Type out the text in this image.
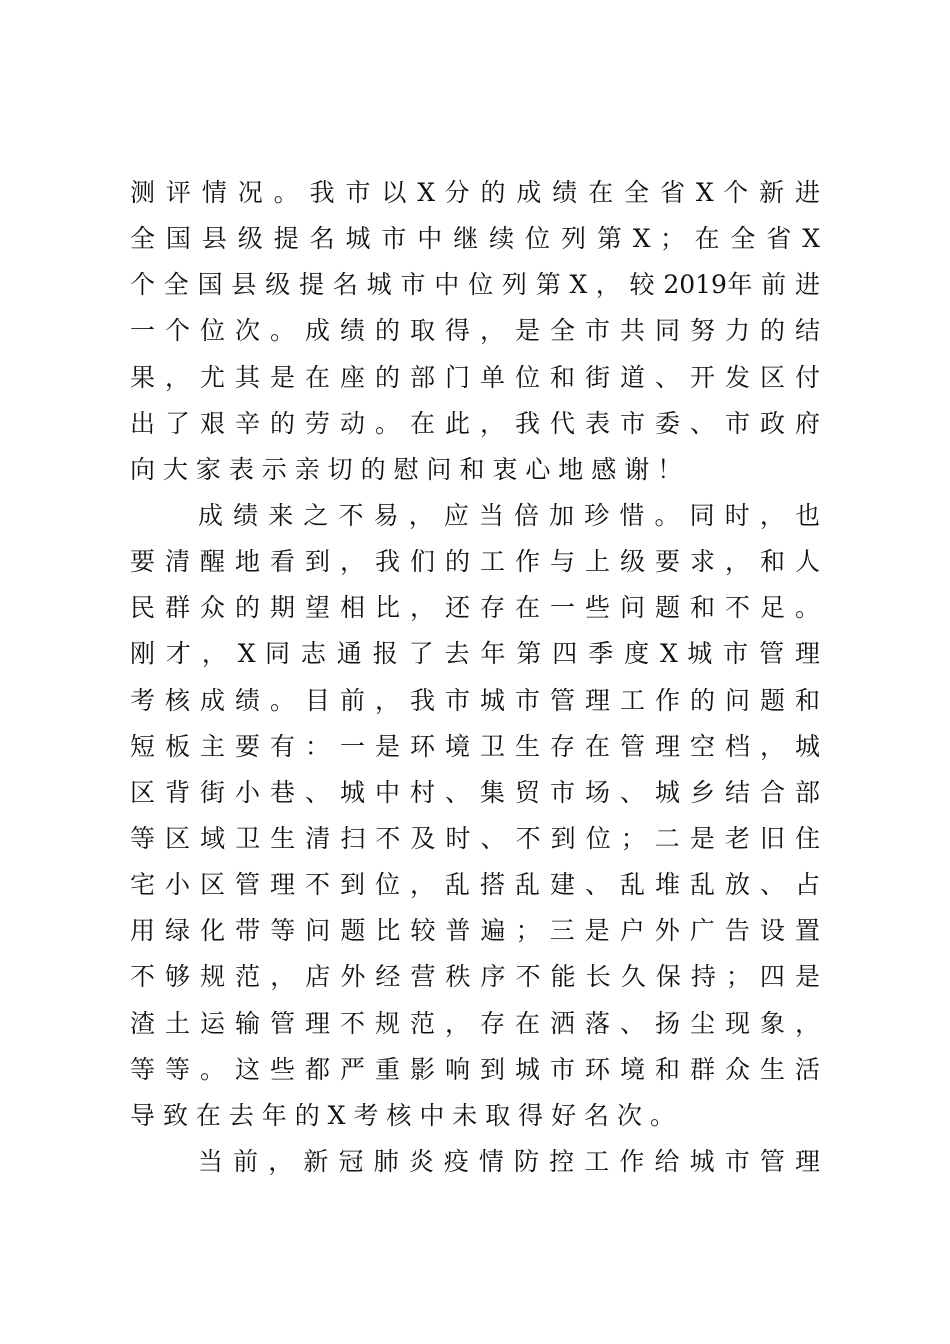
测 评 情 况 。 我 市 以 X 分 的 成 绩 在 全 省 X 个 新 进
全 国 县 级 提 名 城 市 中 继 续 位 列 第 X ； 在 全 省 X
个 全 国 县 级 提 名 城 市 中 位 列 第 X ， 较 2019年 前 进
一 个 位 次 。 成 绩 的 取 得 ， 是 全 市 共 同 努 力 的 结
果 ， 尤 其 是 在 座 的 部 门 单 位 和 街 道 、 开 发 区 付
出 了 艰 辛 的 劳 动 。 在 此 ， 我 代 表 市 委 、 市 政 府
向 大 家 表 示 亲 切 的 慰 问 和 衷 心 地 感 谢 ！
成 绩 来 之 不 易 ， 应 当 倍 加 珍 惜 。 同 时 ， 也
要 清 醒 地 看 到 ， 我 们 的 工 作 与 上 级 要 求 ， 和 人
民 群 众 的 期 望 相 比 ， 还 存 在 一 些 问 题 和 不 足 。
刚 才 ， X 同 志 通 报 了 去 年 第 四 季 度 X 城 市 管 理
考 核 成 绩 。 目 前 ， 我 市 城 市 管 理 工 作 的 问 题 和
短 板 主 要 有 ： 一 是 环 境 卫 生 存 在 管 理 空 档 ， 城
区 背 街 小 巷 、 城 中 村 、 集 贸 市 场 、 城 乡 结 合 部
等 区 域 卫 生 清 扫 不 及 时 、 不 到 位 ； 二 是 老 旧 住
宅 小 区 管 理 不 到 位 ， 乱 搭 乱 建 、 乱 堆 乱 放 、 占
用 绿 化 带 等 问 题 比 较 普 遍 ； 三 是 户 外 广 告 设 置
不 够 规 范 ， 店 外 经 营 秩 序 不 能 长 久 保 持 ； 四 是
渣 土 运 输 管 理 不 规 范 ， 存 在 洒 落 、 扬 尘 现 象 ，
等 等 。 这 些 都 严 重 影 响 到 城 市 环 境 和 群 众 生 活
导 致 在 去 年 的 X 考 核 中 未 取 得 好 名 次 。
当 前 ， 新 冠 肺 炎 疫 情 防 控 工 作 给 城 市 管 理
